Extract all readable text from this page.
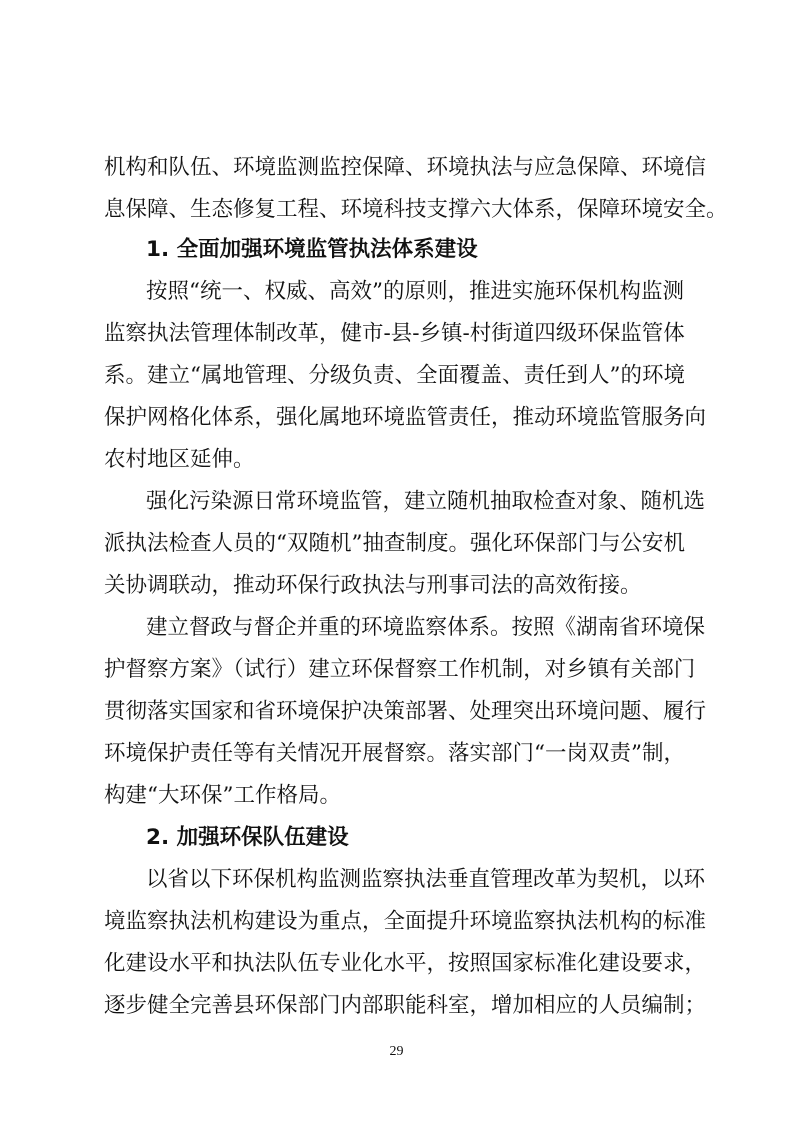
机构和队伍、环境监测监控保障、环境执法与应急保障、环境信
息保障、生态修复工程、环境科技支撑六大体系，保障环境安全。
1. 全面加强环境监管执法体系建设
按照“统一、权威、高效”的原则，推进实施环保机构监测
监察执法管理体制改革，健市-县-乡镇-村街道四级环保监管体
系。建立“属地管理、分级负责、全面覆盖、责任到人”的环境
保护网格化体系，强化属地环境监管责任，推动环境监管服务向
农村地区延伸。
强化污染源日常环境监管，建立随机抽取检查对象、随机选
派执法检查人员的“双随机”抽查制度。强化环保部门与公安机
关协调联动，推动环保行政执法与刑事司法的高效衔接。
建立督政与督企并重的环境监察体系。按照《湖南省环境保
护督察方案》（试行）建立环保督察工作机制，对乡镇有关部门
贯彻落实国家和省环境保护决策部署、处理突出环境问题、履行
环境保护责任等有关情况开展督察。落实部门“一岗双责”制，
构建“大环保”工作格局。
2. 加强环保队伍建设
以省以下环保机构监测监察执法垂直管理改革为契机，以环
境监察执法机构建设为重点，全面提升环境监察执法机构的标准
化建设水平和执法队伍专业化水平，按照国家标准化建设要求，
逐步健全完善县环保部门内部职能科室，增加相应的人员编制；
29
